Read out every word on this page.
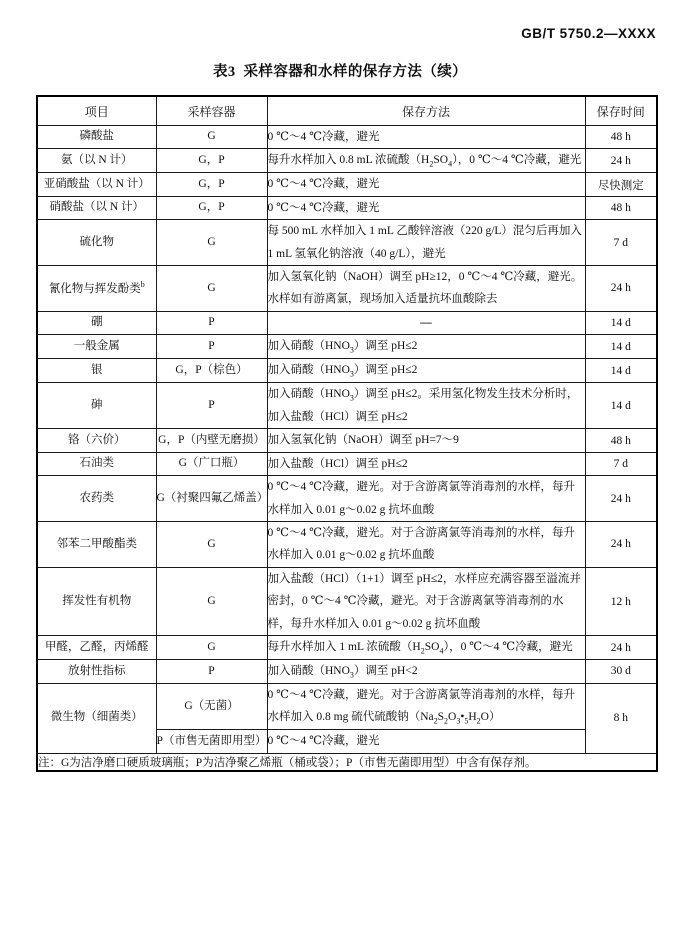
GB/T 5750.2—XXXX
表3 采样容器和水样的保存方法（续）
项目	采样容器	保存方法	保存时间
磷酸盐	G	0 ℃～4 ℃冷藏，避光	48 h
氨（以 N 计）	G，P	每升水样加入 0.8 mL 浓硫酸$(H_2SO_4)$，0 ℃～4 ℃冷藏，避光	24 h
亚硝酸盐（以 N 计）	G，P	0 ℃～4 ℃冷藏，避光	尽快测定
硝酸盐（以 N 计）	G，P	0 ℃～4 ℃冷藏，避光	48 h
硫化物	G	每 500 mL 水样加入 1 mL 乙酸锌溶液（220 g/L）混匀后再加入 1 mL 氢氧化钠溶液（40 g/L），避光	7 d
氰化物与挥发酚类$^b$	G	加入氢氧化钠（NaOH）调至 pH≥12，0 ℃～4 ℃冷藏，避光。水样如有游离氯，现场加入适量抗坏血酸除去	24 h
硼	P	—	14 d
一般金属	P	加入硝酸$(HNO_3)$调至 pH≤2	14 d
银	G，P（棕色）	加入硝酸$(HNO_3)$调至 pH≤2	14 d
砷	P	加入硝酸$(HNO_3)$调至 pH≤2。采用氢化物发生技术分析时，加入盐酸（HCl）调至 pH≤2	14 d
铬（六价）	G，P（内壁无磨损）	加入氢氧化钠（NaOH）调至 pH=7～9	48 h
石油类	G（广口瓶）	加入盐酸（HCl）调至 pH≤2	7 d
农药类	G（衬聚四氟乙烯盖）	0 ℃～4 ℃冷藏，避光。对于含游离氯等消毒剂的水样，每升水样加入 0.01 g～0.02 g 抗坏血酸	24 h
邻苯二甲酸酯类	G	0 ℃～4 ℃冷藏，避光。对于含游离氯等消毒剂的水样，每升水样加入 0.01 g～0.02 g 抗坏血酸	24 h
挥发性有机物	G	加入盐酸（HCl）（1+1）调至 pH≤2，水样应充满容器至溢流并密封，0 ℃～4 ℃冷藏，避光。对于含游离氯等消毒剂的水样，每升水样加入 0.01 g～0.02 g 抗坏血酸	12 h
甲醛，乙醛，丙烯醛	G	每升水样加入 1 mL 浓硫酸$(H_2SO_4)$，0 ℃～4 ℃冷藏，避光	24 h
放射性指标	P	加入硝酸$(HNO_3)$调至 pH<2	30 d
微生物（细菌类）	G（无菌）	0 ℃～4 ℃冷藏，避光。对于含游离氯等消毒剂的水样，每升水样加入 0.8 mg 硫代硫酸钠$(Na_2S_2O_3•_5H_2O)$	8 h
	P（市售无菌即用型）	0 ℃～4 ℃冷藏，避光	
注：G为洁净磨口硬质玻璃瓶；P为洁净聚乙烯瓶（桶或袋）；P（市售无菌即用型）中含有保存剂。			
